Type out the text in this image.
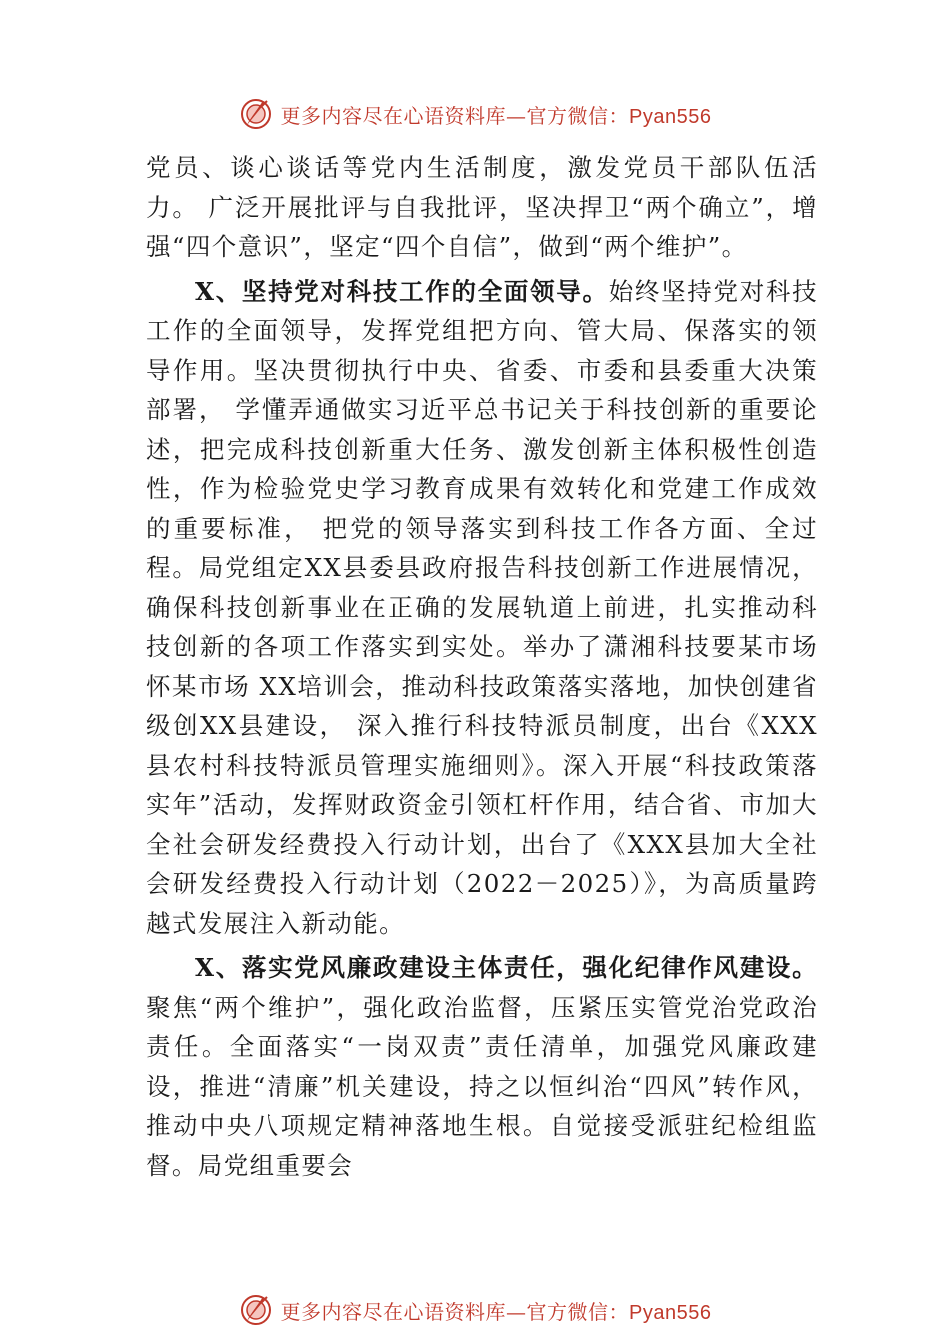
更多内容尽在心语资料库—官方微信：Pyan556

党员、谈心谈话等党内生活制度，激发党员干部队伍活力。 广泛开展批评与自我批评，坚决捍卫“两个确立”，增强“四个意识”，坚定“四个自信”，做到“两个维护”。

X、坚持党对科技工作的全面领导。始终坚持党对科技工作的全面领导，发挥党组把方向、管大局、保落实的领导作用。坚决贯彻执行中央、省委、市委和县委重大决策部署， 学懂弄通做实习近平总书记关于科技创新的重要论述，把完成科技创新重大任务、激发创新主体积极性创造性，作为检验党史学习教育成果有效转化和党建工作成效的重要标准， 把党的领导落实到科技工作各方面、全过程。局党组定XX县委县政府报告科技创新工作进展情况，确保科技创新事业在正确的发展轨道上前进，扎实推动科技创新的各项工作落实到实处。举办了潇湘科技要某市场怀某市场 XX培训会，推动科技政策落实落地，加快创建省级创XX县建设， 深入推行科技特派员制度，出台《XXX县农村科技特派员管理实施细则》。深入开展“科技政策落实年”活动，发挥财政资金引领杠杆作用，结合省、市加大全社会研发经费投入行动计划，出台了《XXX县加大全社会研发经费投入行动计划（2022－2025）》，为高质量跨越式发展注入新动能。

X、落实党风廉政建设主体责任，强化纪律作风建设。聚焦“两个维护”，强化政治监督，压紧压实管党治党政治责任。全面落实“一岗双责”责任清单，加强党风廉政建设，推进“清廉”机关建设，持之以恒纠治“四风”转作风，推动中央八项规定精神落地生根。自觉接受派驻纪检组监督。局党组重要会

更多内容尽在心语资料库—官方微信：Pyan556
